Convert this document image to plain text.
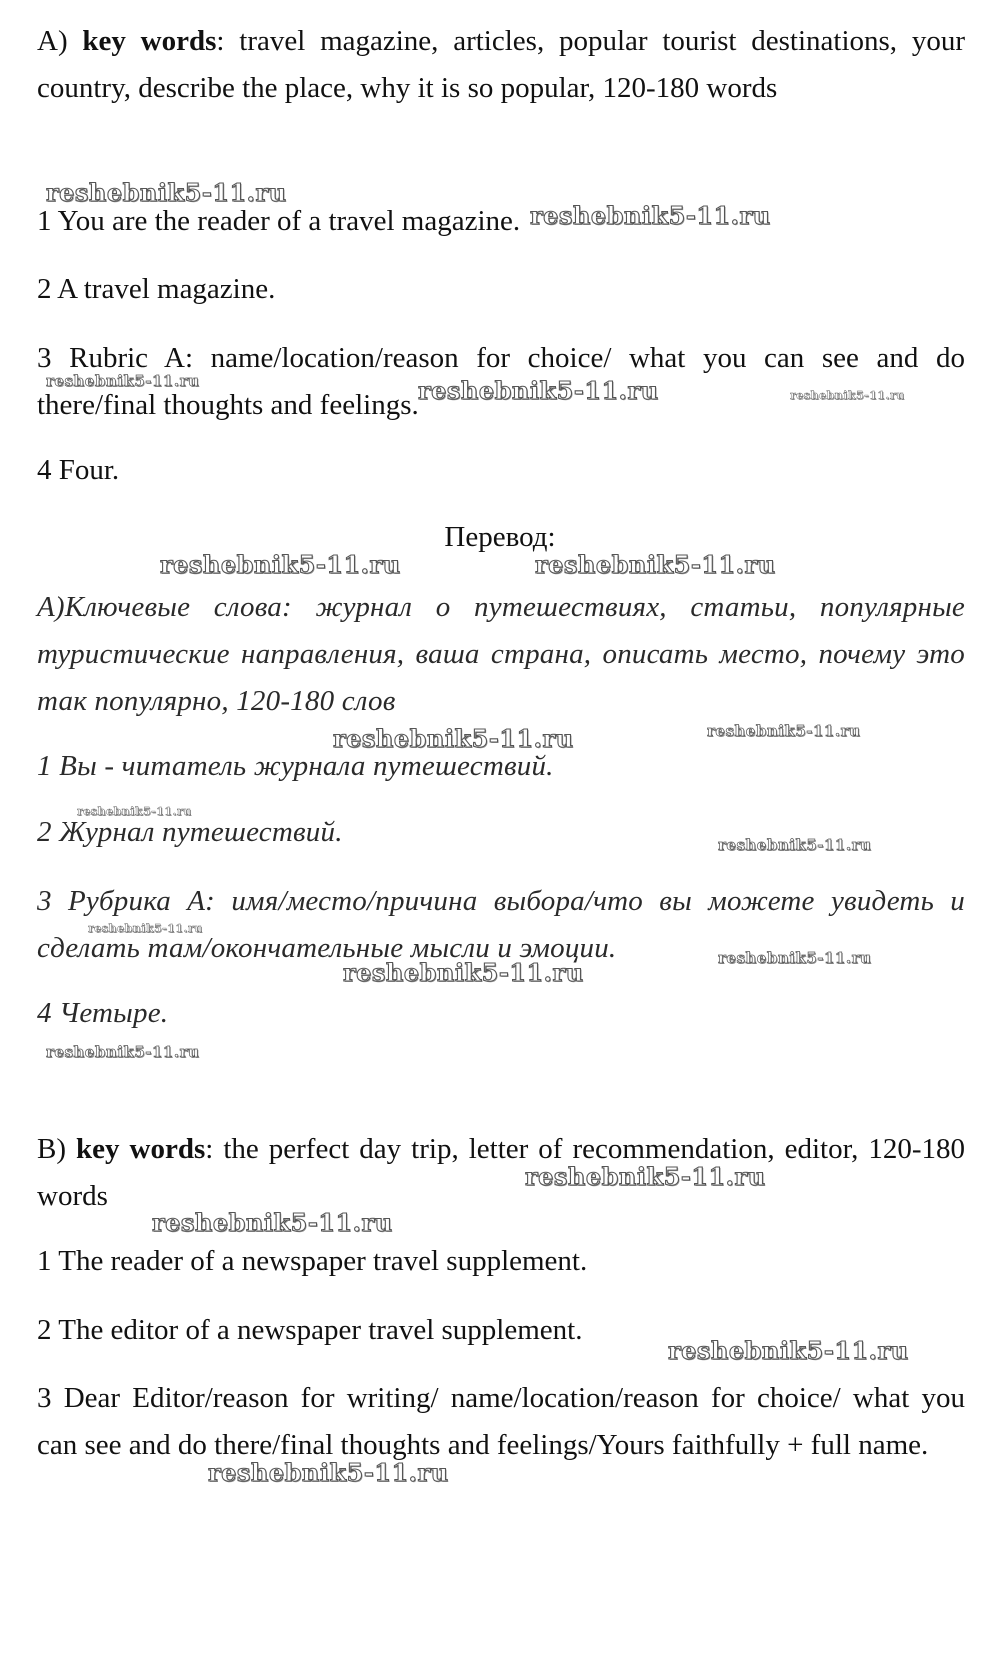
A) key words: travel magazine, articles, popular tourist destinations, your country, describe the place, why it is so popular, 120-180 words

1 You are the reader of a travel magazine.

2 A travel magazine.

3 Rubric A: name/location/reason for choice/ what you can see and do there/final thoughts and feelings.

4 Four.

Перевод:

А)Ключевые слова: журнал о путешествиях, статьи, популярные туристические направления, ваша страна, описать место, почему это так популярно, 120-180 слов

1 Вы - читатель журнала путешествий.

2 Журнал путешествий.

3 Рубрика А: имя/место/причина выбора/что вы можете увидеть и сделать там/окончательные мысли и эмоции.

4 Четыре.

B) key words: the perfect day trip, letter of recommendation, editor, 120-180 words

1 The reader of a newspaper travel supplement.

2 The editor of a newspaper travel supplement.

3 Dear Editor/reason for writing/ name/location/reason for choice/ what you can see and do there/final thoughts and feelings/Yours faithfully + full name.

reshebnik5-11.ru
reshebnik5-11.ru
reshebnik5-11.ru	reshebnik5-11.ru	reshebnik5-11.ru
reshebnik5-11.ru	reshebnik5-11.ru
reshebnik5-11.ru	reshebnik5-11.ru
reshebnik5-11.ru
reshebnik5-11.ru
reshebnik5-11.ru
reshebnik5-11.ru	reshebnik5-11.ru
reshebnik5-11.ru
reshebnik5-11.ru
reshebnik5-11.ru
reshebnik5-11.ru
reshebnik5-11.ru
